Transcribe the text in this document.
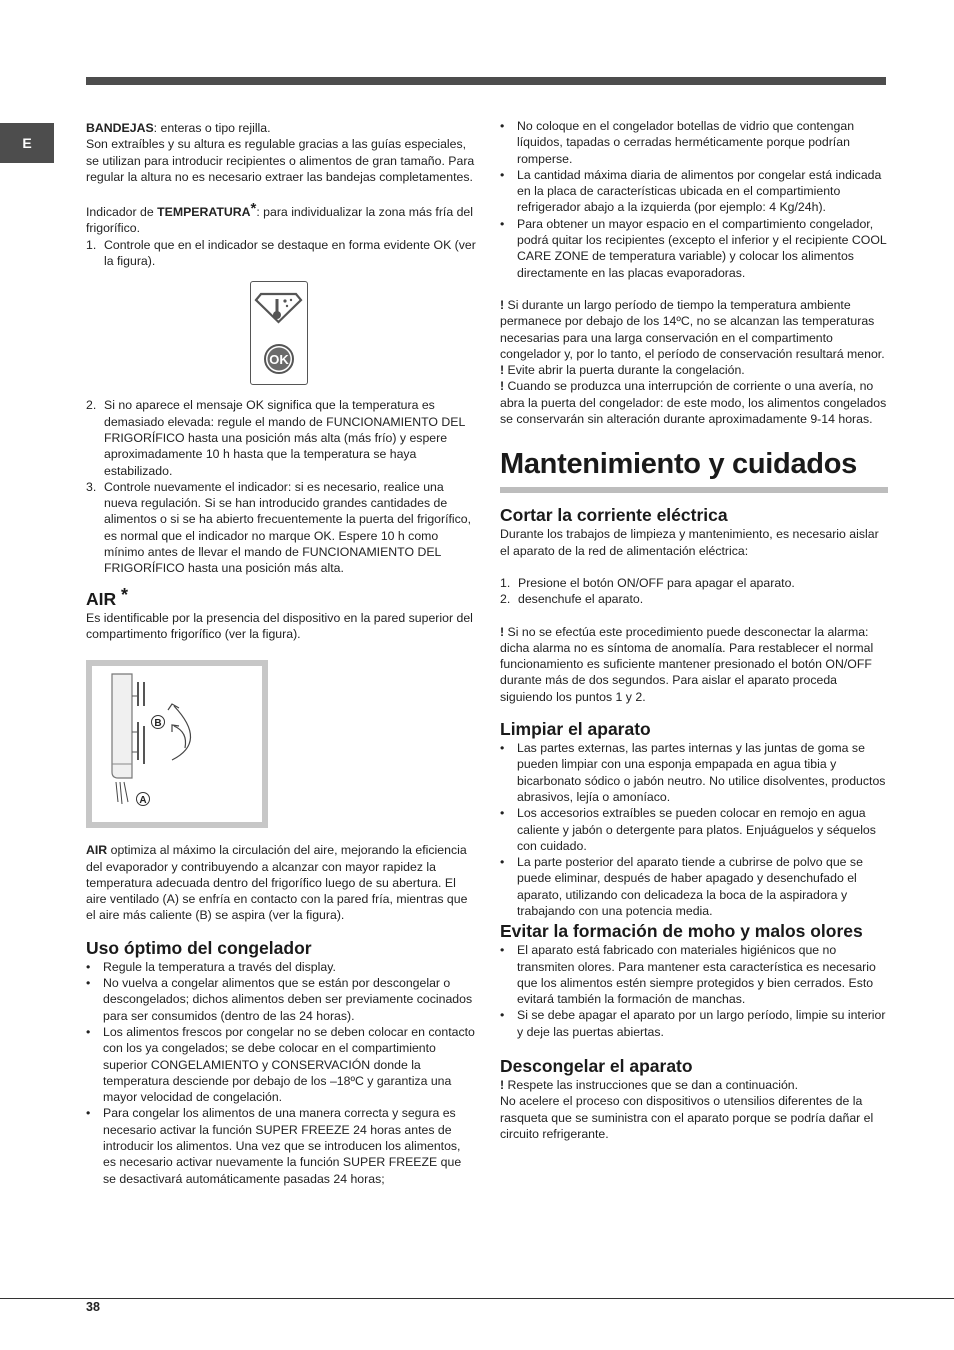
E

BANDEJAS: enteras o tipo rejilla.
Son extraíbles y su altura es regulable gracias a las guías especiales, se utilizan para introducir recipientes o alimentos de gran tamaño. Para regular la altura no es necesario extraer las bandejas completamentes.

Indicador de TEMPERATURA*: para individualizar la zona más fría del frigorífico.

1. Controle que en el indicador se destaque en forma evidente OK (ver la figura).
OK
2. Si no aparece el mensaje OK significa que la temperatura es demasiado elevada: regule el mando de FUNCIONAMIENTO DEL FRIGORÍFICO hasta una posición más alta (más frío) y espere aproximadamente 10 h hasta que la temperatura se haya estabilizado.
3. Controle nuevamente el indicador: si es necesario, realice una nueva regulación. Si se han introducido grandes cantidades de alimentos o si se ha abierto frecuentemente la puerta del frigorífico, es normal que el indicador no marque OK. Espere 10 h como mínimo antes de llevar el mando de FUNCIONAMIENTO DEL FRIGORÍFICO hasta una posición más alta.
AIR *

Es identificable por la presencia del dispositivo en la pared superior del compartimento frigorífico (ver la figura).

B
A

AIR optimiza al máximo la circulación del aire, mejorando la eficiencia del evaporador y contribuyendo a alcanzar con mayor rapidez la temperatura adecuada dentro del frigorífico luego de su abertura. El aire ventilado (A) se enfría en contacto con la pared fría, mientras que el aire más caliente (B) se aspira (ver la figura).

Uso óptimo del congelador
• Regule la temperatura a través del display.
• No vuelva a congelar alimentos que se están por descongelar o descongelados; dichos alimentos deben ser previamente cocinados para ser consumidos (dentro de las 24 horas).
• Los alimentos frescos por congelar no se deben colocar en contacto con los ya congelados; se debe colocar en el compartimiento superior CONGELAMIENTO y CONSERVACIÓN donde la temperatura desciende por debajo de los –18ºC y garantiza una mayor velocidad de congelación.
• Para congelar los alimentos de una manera correcta y segura es necesario activar la función SUPER FREEZE 24 horas antes de introducir los alimentos. Una vez que se introducen los alimentos, es necesario activar nuevamente la función SUPER FREEZE que se desactivará automáticamente pasadas 24 horas;
• No coloque en el congelador botellas de vidrio que contengan líquidos, tapadas o cerradas herméticamente porque podrían romperse.
• La cantidad máxima diaria de alimentos por congelar está indicada en la placa de características ubicada en el compartimiento refrigerador abajo a la izquierda (por ejemplo: 4 Kg/24h).
• Para obtener un mayor espacio en el compartimiento congelador, podrá quitar los recipientes (excepto el inferior y el recipiente COOL CARE ZONE de temperatura variable) y colocar los alimentos directamente en las placas evaporadoras.

! Si durante un largo período de tiempo la temperatura ambiente permanece por debajo de los 14ºC, no se alcanzan las temperaturas necesarias para una larga conservación en el compartimento congelador y, por lo tanto, el período de conservación resultará menor.

! Evite abrir la puerta durante la congelación.

! Cuando se produzca una interrupción de corriente o una avería, no abra la puerta del congelador: de este modo, los alimentos congelados se conservarán sin alteración durante aproximadamente 9-14 horas.

Mantenimiento y cuidados
Cortar la corriente eléctrica

Durante los trabajos de limpieza y mantenimiento, es necesario aislar el aparato de la red de alimentación eléctrica:

1. Presione el botón ON/OFF para apagar el aparato.
2. desenchufe el aparato.

! Si no se efectúa este procedimiento puede desconectar la alarma: dicha alarma no es síntoma de anomalía. Para restablecer el normal funcionamiento es suficiente mantener presionado el botón ON/OFF durante más de dos segundos. Para aislar el aparato proceda siguiendo los puntos 1 y 2.

Limpiar el aparato
• Las partes externas, las partes internas y las juntas de goma se pueden limpiar con una esponja empapada en agua tibia y bicarbonato sódico o jabón neutro. No utilice disolventes, productos abrasivos, lejía o amoníaco.
• Los accesorios extraíbles se pueden colocar en remojo en agua caliente y jabón o detergente para platos. Enjuáguelos y séquelos con cuidado.
• La parte posterior del aparato tiende a cubrirse de polvo que se puede eliminar, después de haber apagado y desenchufado el aparato, utilizando con delicadeza la boca de la aspiradora y trabajando con una potencia media.
Evitar la formación de moho y malos olores
• El aparato está fabricado con materiales higiénicos que no transmiten olores. Para mantener esta característica es necesario que los alimentos estén siempre protegidos y bien cerrados. Esto evitará también la formación de manchas.
• Si se debe apagar el aparato por un largo período, limpie su interior y deje las puertas abiertas.
Descongelar el aparato

! Respete las instrucciones que se dan a continuación.

No acelere el proceso con dispositivos o utensilios diferentes de la rasqueta que se suministra con el aparato porque se podría dañar el circuito refrigerante.

38
